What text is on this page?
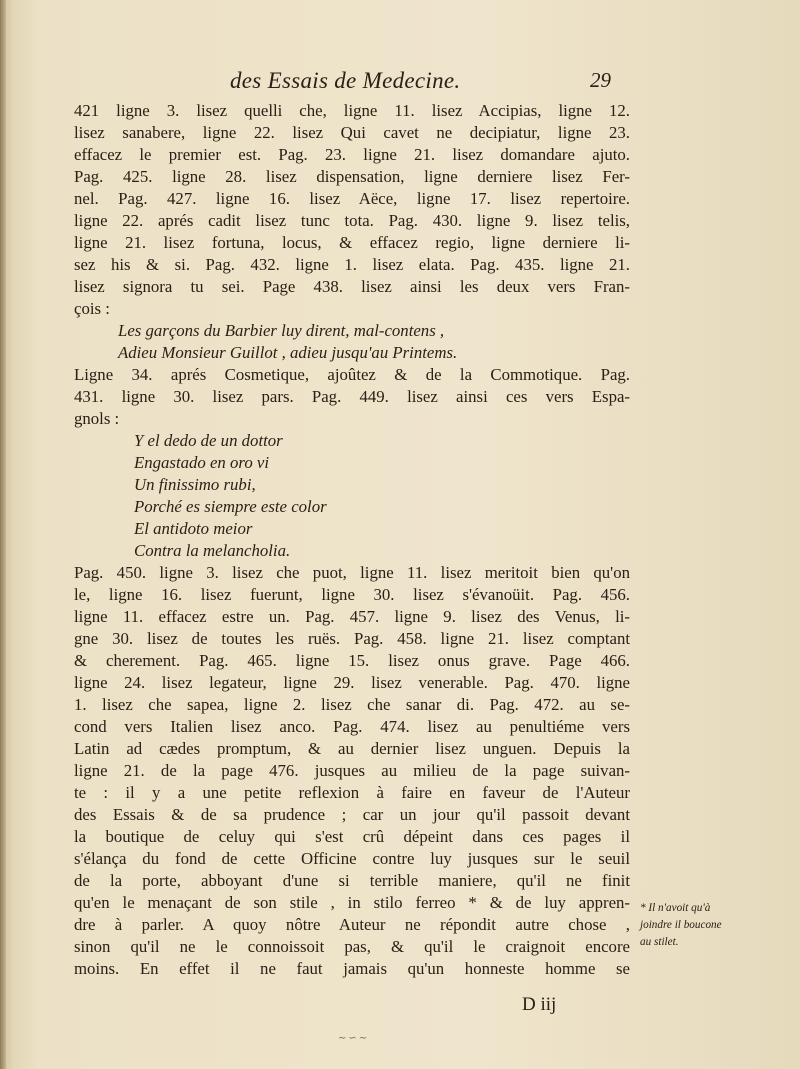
des Essais de Medecine.	29
421 ligne 3. lisez quelli che, ligne 11. lisez Accipias, ligne 12.
lisez sanabere, ligne 22. lisez Qui cavet ne decipiatur, ligne 23.
effacez le premier est. Pag. 23. ligne 21. lisez domandare ajuto.
Pag. 425. ligne 28. lisez dispensation, ligne derniere lisez Fer-
nel. Pag. 427. ligne 16. lisez Aëce, ligne 17. lisez repertoire.
ligne 22. aprés cadit lisez tunc tota. Pag. 430. ligne 9. lisez telis,
ligne 21. lisez fortuna, locus, & effacez regio, ligne derniere li-
sez his & si. Pag. 432. ligne 1. lisez elata. Pag. 435. ligne 21.
lisez signora tu sei. Page 438. lisez ainsi les deux vers Fran-
çois :
Les garçons du Barbier luy dirent, mal-contens ,
Adieu Monsieur Guillot , adieu jusqu'au Printems.
Ligne 34. aprés Cosmetique, ajoûtez & de la Commotique. Pag.
431. ligne 30. lisez pars. Pag. 449. lisez ainsi ces vers Espa-
gnols :
Y el dedo de un dottor
Engastado en oro vi
Un finissimo rubi,
Porché es siempre este color
El antidoto meior
Contra la melancholia.
Pag. 450. ligne 3. lisez che puot, ligne 11. lisez meritoit bien qu'on
le, ligne 16. lisez fuerunt, ligne 30. lisez s'évanoüit. Pag. 456.
ligne 11. effacez estre un. Pag. 457. ligne 9. lisez des Venus, li-
gne 30. lisez de toutes les ruës. Pag. 458. ligne 21. lisez comptant
& cherement. Pag. 465. ligne 15. lisez onus grave. Page 466.
ligne 24. lisez legateur, ligne 29. lisez venerable. Pag. 470. ligne
1. lisez che sapea, ligne 2. lisez che sanar di. Pag. 472. au se-
cond vers Italien lisez anco. Pag. 474. lisez au penultiéme vers
Latin ad cædes promptum, & au dernier lisez unguen. Depuis la
ligne 21. de la page 476. jusques au milieu de la page suivan-
te : il y a une petite reflexion à faire en faveur de l'Auteur
des Essais & de sa prudence ; car un jour qu'il passoit devant
la boutique de celuy qui s'est crû dépeint dans ces pages il
s'élança du fond de cette Officine contre luy jusques sur le seuil
de la porte, abboyant d'une si terrible maniere, qu'il ne finit
qu'en le menaçant de son stile , in stilo ferreo * & de luy appren-
dre à parler. A quoy nôtre Auteur ne répondit autre chose ,
sinon qu'il ne le connoissoit pas, & qu'il le craignoit encore
moins. En effet il ne faut jamais qu'un honneste homme se
* Il n'avoit qu'à
joindre il boucone
au stilet.
D iij
∼∽∼
